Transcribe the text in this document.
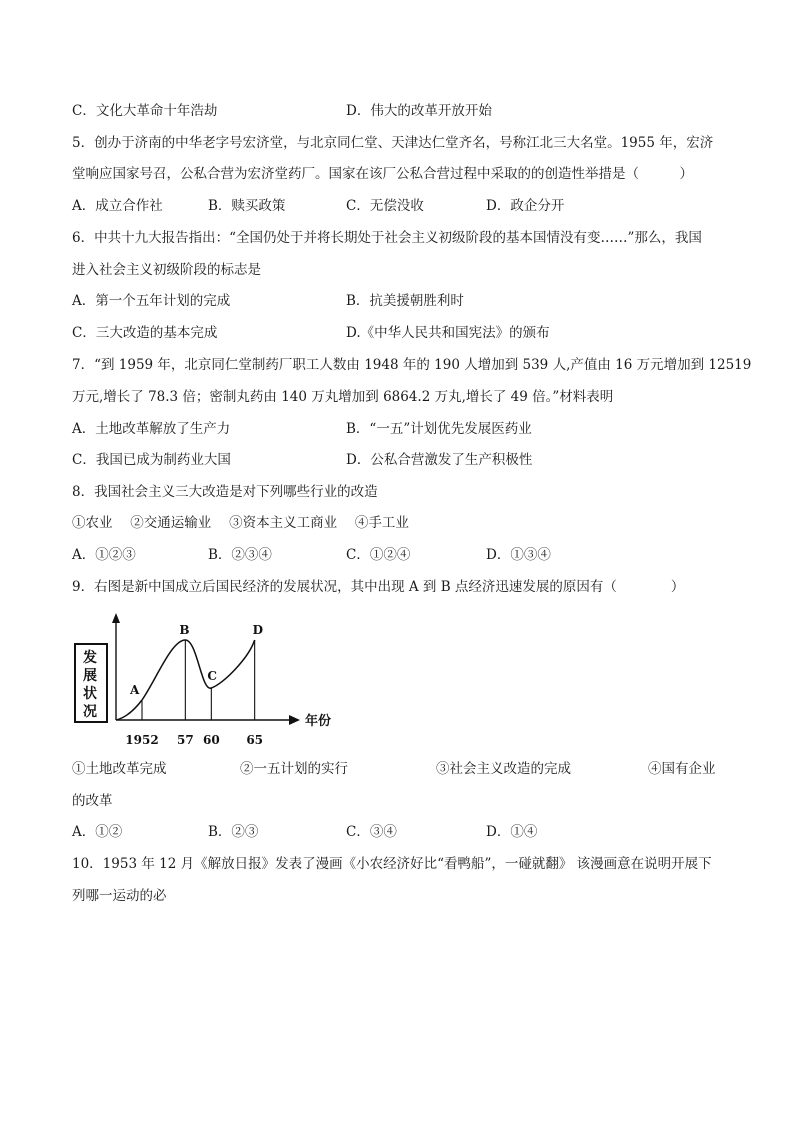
C．文化大革命十年浩劫	D．伟大的改革开放开始
5．创办于济南的中华老字号宏济堂，与北京同仁堂、天津达仁堂齐名，号称江北三大名堂。1955 年，宏济
堂响应国家号召，公私合营为宏济堂药厂。国家在该厂公私合营过程中采取的的创造性举措是（　　　）
A．成立合作社	B．赎买政策	C．无偿没收	D．政企分开
6．中共十九大报告指出：“全国仍处于并将长期处于社会主义初级阶段的基本国情没有变……”那么，我国
进入社会主义初级阶段的标志是
A．第一个五年计划的完成	B．抗美援朝胜利时
C．三大改造的基本完成	D.《中华人民共和国宪法》的颁布
7．“到 1959 年，北京同仁堂制药厂职工人数由 1948 年的 190 人增加到 539 人,产值由 16 万元增加到 12519
万元,增长了 78.3 倍；密制丸药由 140 万丸增加到 6864.2 万丸,增长了 49 倍。”材料表明
A．土地改革解放了生产力	B．“一五”计划优先发展医药业
C．我国已成为制药业大国	D．公私合营激发了生产积极性
8．我国社会主义三大改造是对下列哪些行业的改造
①农业　 ②交通运输业　 ③资本主义工商业　 ④手工业
A．①②③	B．②③④	C．①②④	D．①③④
9．右图是新中国成立后国民经济的发展状况，其中出现 A 到 B 点经济迅速发展的原因有（　　　　）
发
展
状
况
年份
A
1952
B
57
C
60
D
65
①土地改革完成	②一五计划的实行	③社会主义改造的完成	④国有企业
的改革
A．①②	B．②③	C．③④	D．①④
10．1953 年 12 月《解放日报》发表了漫画《小农经济好比“看鸭船”，一碰就翻》 该漫画意在说明开展下
列哪一运动的必
